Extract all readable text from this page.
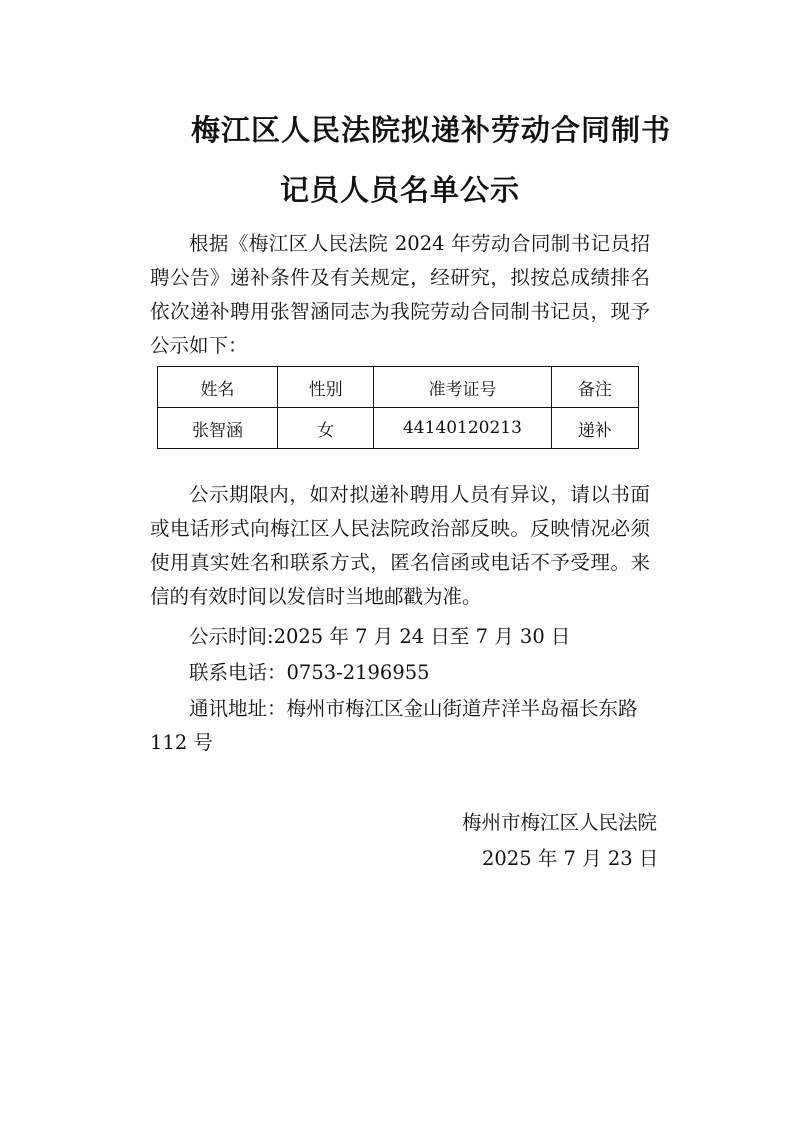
梅江区人民法院拟递补劳动合同制书
记员人员名单公示

根据《梅江区人民法院 2024 年劳动合同制书记员招聘公告》递补条件及有关规定，经研究，拟按总成绩排名依次递补聘用张智涵同志为我院劳动合同制书记员，现予公示如下：

姓名	性别	准考证号	备注
张智涵	女	44140120213	递补

公示期限内，如对拟递补聘用人员有异议，请以书面或电话形式向梅江区人民法院政治部反映。反映情况必须使用真实姓名和联系方式，匿名信函或电话不予受理。来信的有效时间以发信时当地邮戳为准。

公示时间:2025 年 7 月 24 日至 7 月 30 日

联系电话：0753-2196955

通讯地址：梅州市梅江区金山街道芹洋半岛福长东路112 号

梅州市梅江区人民法院

2025 年 7 月 23 日
